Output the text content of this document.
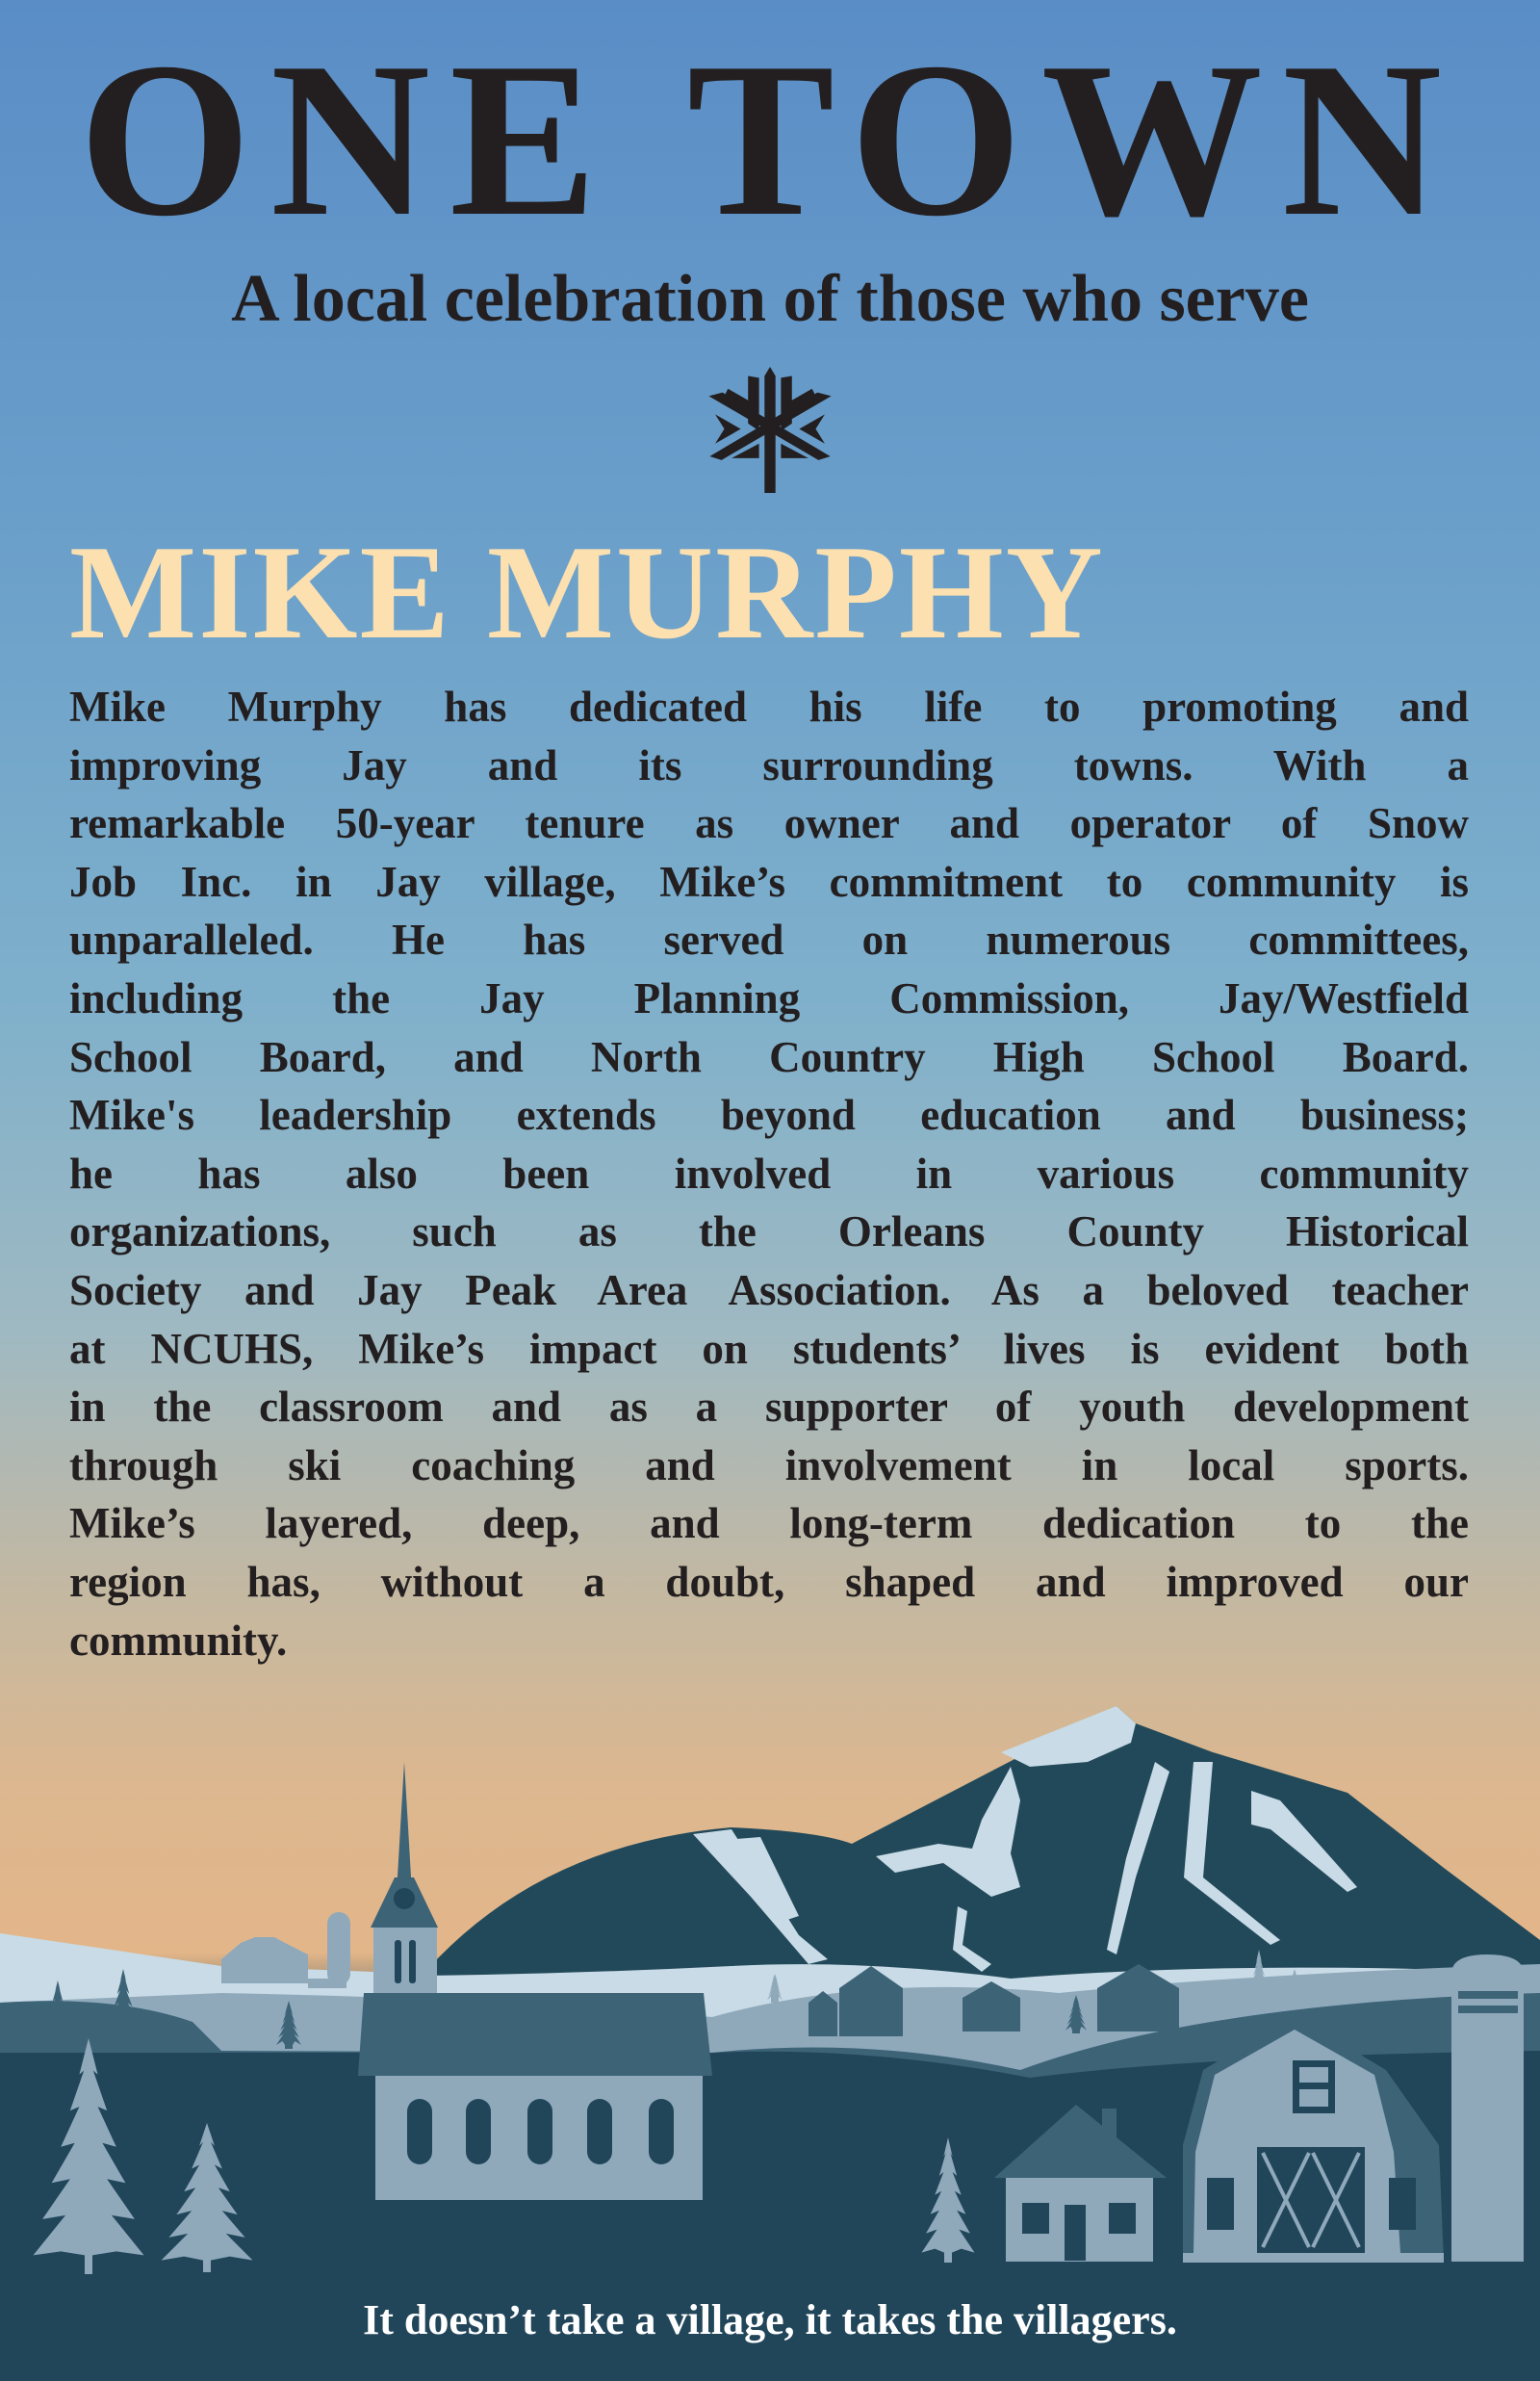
ONE TOWN
A local celebration of those who serve
MIKE MURPHY
Mike Murphy has dedicated his life to promoting and
improving Jay and its surrounding towns. With a
remarkable 50-year tenure as owner and operator of Snow
Job Inc. in Jay village, Mike’s commitment to community is
unparalleled. He has served on numerous committees,
including the Jay Planning Commission, Jay/Westfield
School Board, and North Country High School Board.
Mike's leadership extends beyond education and business;
he has also been involved in various community
organizations, such as the Orleans County Historical
Society and Jay Peak Area Association. As a beloved teacher
at NCUHS, Mike’s impact on students’ lives is evident both
in the classroom and as a supporter of youth development
through ski coaching and involvement in local sports.
Mike’s layered, deep, and long-term dedication to the
region has, without a doubt, shaped and improved our
community.
It doesn’t take a village, it takes the villagers.
